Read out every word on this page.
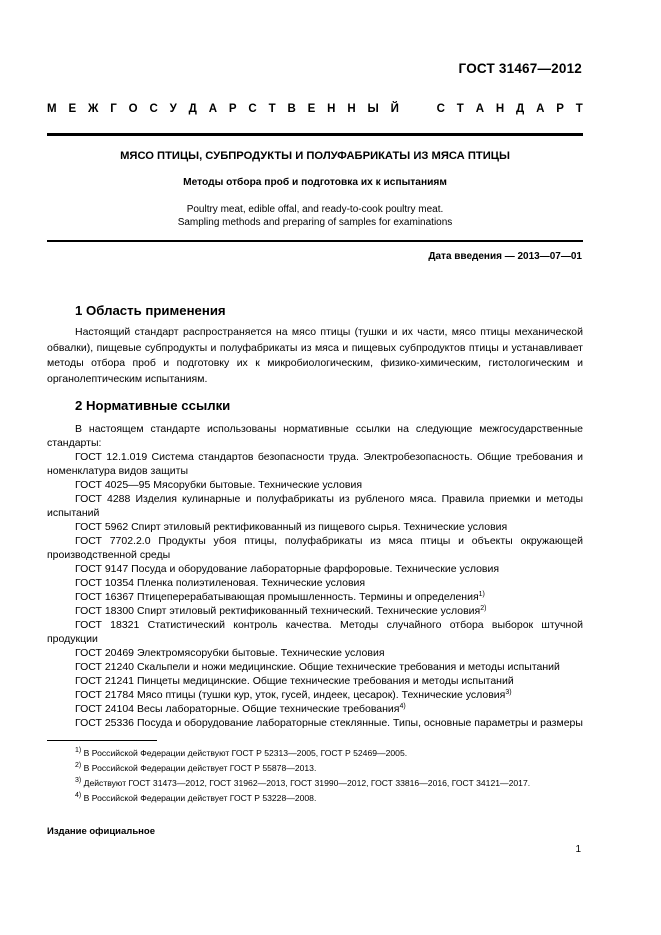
ГОСТ 31467—2012
М Е Ж Г О С У Д А Р С Т В Е Н Н Ы Й	С Т А Н Д А Р Т
МЯСО ПТИЦЫ, СУБПРОДУКТЫ И ПОЛУФАБРИКАТЫ ИЗ МЯСА ПТИЦЫ
Методы отбора проб и подготовка их к испытаниям
Poultry meat, edible offal, and ready-to-cook poultry meat.
Sampling methods and preparing of samples for examinations
Дата введения — 2013—07—01
1 Область применения
Настоящий стандарт распространяется на мясо птицы (тушки и их части, мясо птицы механической обвалки), пищевые субпродукты и полуфабрикаты из мяса и пищевых субпродуктов птицы и устанавливает методы отбора проб и подготовку их к микробиологическим, физико-химическим, гистологическим и органолептическим испытаниям.
2 Нормативные ссылки
В настоящем стандарте использованы нормативные ссылки на следующие межгосударственные стандарты:
ГОСТ 12.1.019 Система стандартов безопасности труда. Электробезопасность. Общие требования и номенклатура видов защиты
ГОСТ 4025—95 Мясорубки бытовые. Технические условия
ГОСТ 4288 Изделия кулинарные и полуфабрикаты из рубленого мяса. Правила приемки и методы испытаний
ГОСТ 5962 Спирт этиловый ректификованный из пищевого сырья. Технические условия
ГОСТ 7702.2.0 Продукты убоя птицы, полуфабрикаты из мяса птицы и объекты окружающей производственной среды
ГОСТ 9147 Посуда и оборудование лабораторные фарфоровые. Технические условия
ГОСТ 10354 Пленка полиэтиленовая. Технические условия
ГОСТ 16367 Птицеперерабатывающая промышленность. Термины и определения$^{1)}$
ГОСТ 18300 Спирт этиловый ректификованный технический. Технические условия$^{2)}$
ГОСТ 18321 Статистический контроль качества. Методы случайного отбора выборок штучной продукции
ГОСТ 20469 Электромясорубки бытовые. Технические условия
ГОСТ 21240 Скальпели и ножи медицинские. Общие технические требования и методы испытаний
ГОСТ 21241 Пинцеты медицинские. Общие технические требования и методы испытаний
ГОСТ 21784 Мясо птицы (тушки кур, уток, гусей, индеек, цесарок). Технические условия$^{3)}$
ГОСТ 24104 Весы лабораторные. Общие технические требования$^{4)}$
ГОСТ 25336 Посуда и оборудование лабораторные стеклянные. Типы, основные параметры и размеры
$^{1)}$ В Российской Федерации действуют ГОСТ Р 52313—2005, ГОСТ Р 52469—2005.
$^{2)}$ В Российской Федерации действует ГОСТ Р 55878—2013.
$^{3)}$ Действуют ГОСТ 31473—2012, ГОСТ 31962—2013, ГОСТ 31990—2012, ГОСТ 33816—2016, ГОСТ 34121—2017.
$^{4)}$ В Российской Федерации действует ГОСТ Р 53228—2008.
Издание официальное
1
